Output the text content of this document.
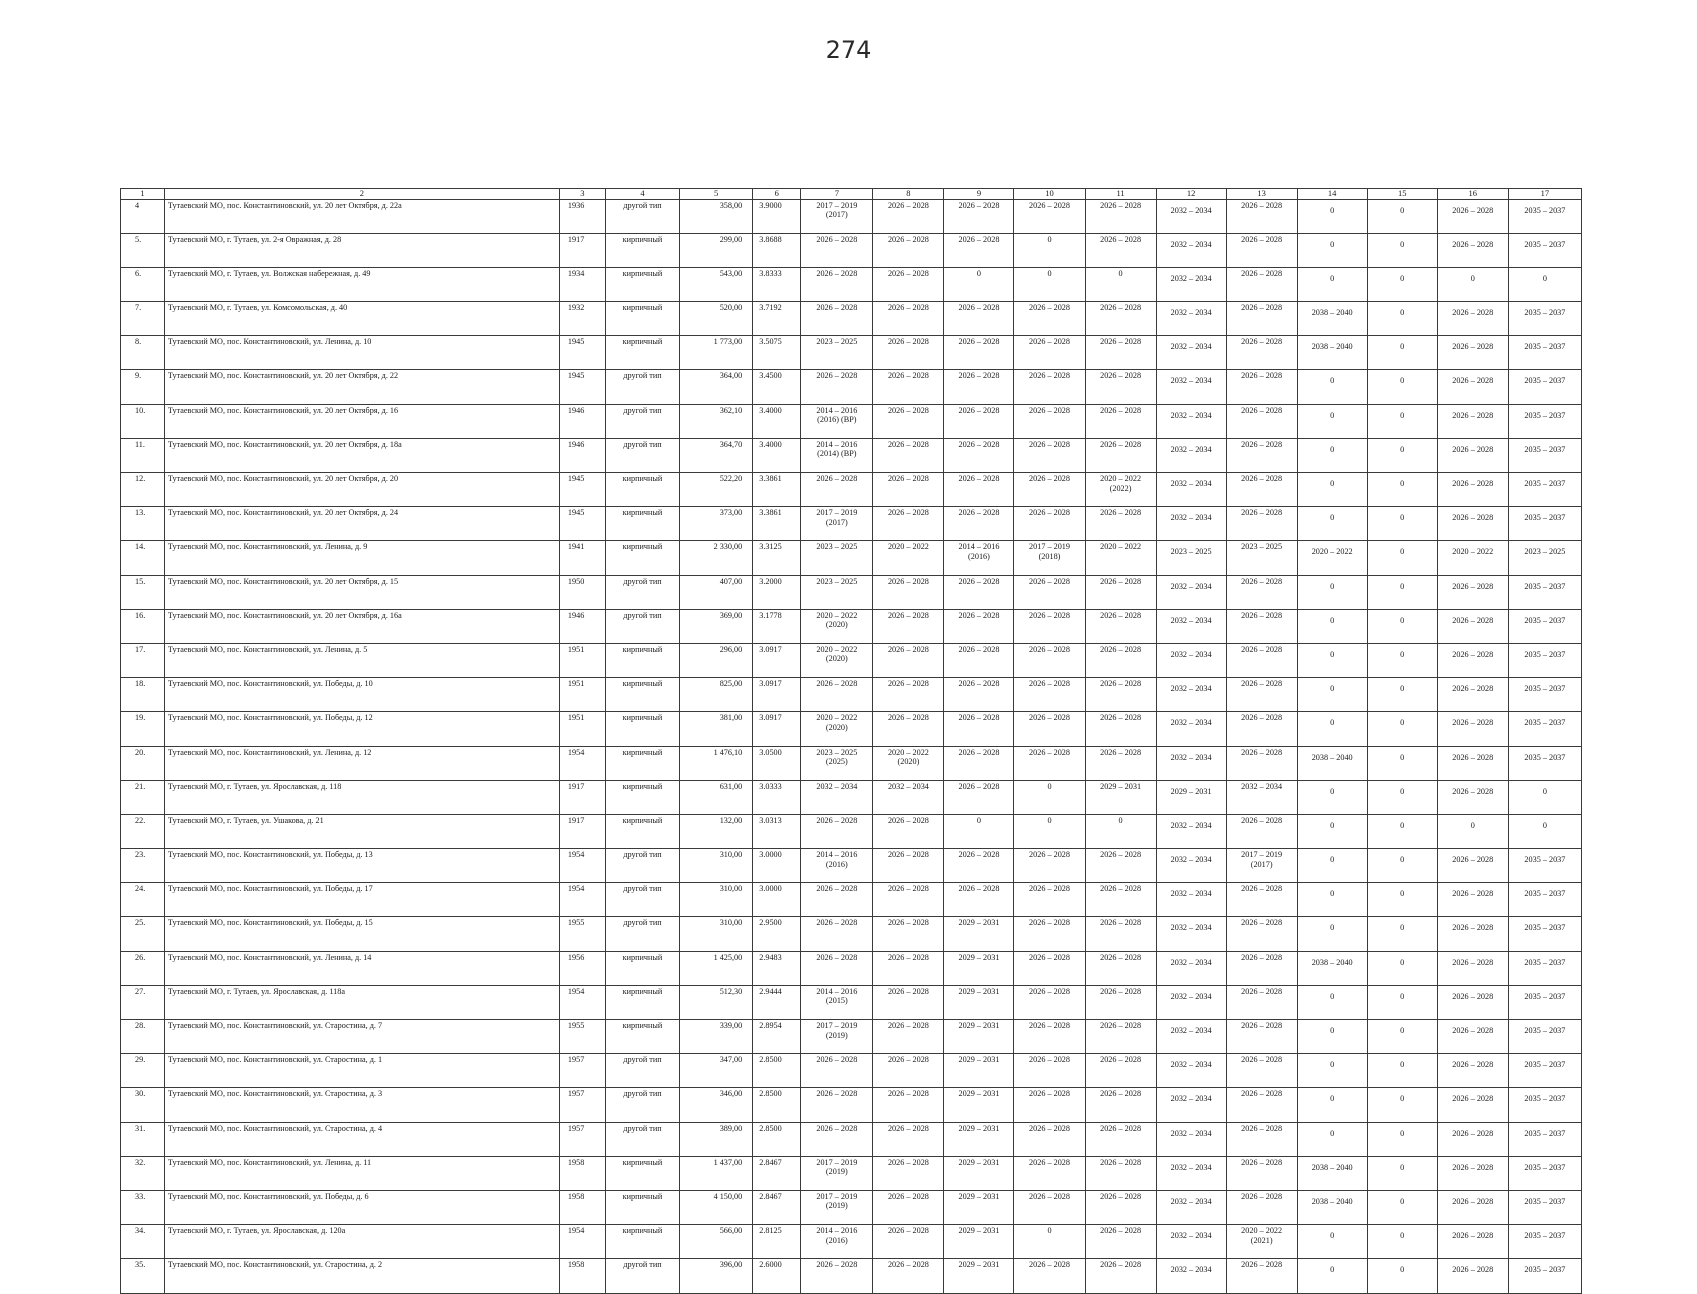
274
1	2	3	4	5	6	7	8	9	10	11	12	13	14	15	16	17

4	Тутаевский МО, пос. Константиновский, ул. 20 лет Октября, д. 22а	1936	другой тип	358,00	3.9000	2017 – 2019
(2017)	2026 – 2028	2026 – 2028	2026 – 2028	2026 – 2028	2032 – 2034	2026 – 2028	0	0	2026 – 2028	2035 – 2037

5.	Тутаевский МО, г. Тутаев, ул. 2-я Овражная, д. 28	1917	кирпичный	299,00	3.8688	2026 – 2028	2026 – 2028	2026 – 2028	0	2026 – 2028	2032 – 2034	2026 – 2028	0	0	2026 – 2028	2035 – 2037

6.	Тутаевский МО, г. Тутаев, ул. Волжская набережная, д. 49	1934	кирпичный	543,00	3.8333	2026 – 2028	2026 – 2028	0	0	0	2032 – 2034	2026 – 2028	0	0	0	0

7.	Тутаевский МО, г. Тутаев, ул. Комсомольская, д. 40	1932	кирпичный	520,00	3.7192	2026 – 2028	2026 – 2028	2026 – 2028	2026 – 2028	2026 – 2028	2032 – 2034	2026 – 2028	2038 – 2040	0	2026 – 2028	2035 – 2037

8.	Тутаевский МО, пос. Константиновский, ул. Ленина, д. 10	1945	кирпичный	1 773,00	3.5075	2023 – 2025	2026 – 2028	2026 – 2028	2026 – 2028	2026 – 2028	2032 – 2034	2026 – 2028	2038 – 2040	0	2026 – 2028	2035 – 2037

9.	Тутаевский МО, пос. Константиновский, ул. 20 лет Октября, д. 22	1945	другой тип	364,00	3.4500	2026 – 2028	2026 – 2028	2026 – 2028	2026 – 2028	2026 – 2028	2032 – 2034	2026 – 2028	0	0	2026 – 2028	2035 – 2037

10.	Тутаевский МО, пос. Константиновский, ул. 20 лет Октября, д. 16	1946	другой тип	362,10	3.4000	2014 – 2016
(2016) (ВР)	2026 – 2028	2026 – 2028	2026 – 2028	2026 – 2028	2032 – 2034	2026 – 2028	0	0	2026 – 2028	2035 – 2037

11.	Тутаевский МО, пос. Константиновский, ул. 20 лет Октября, д. 18а	1946	другой тип	364,70	3.4000	2014 – 2016
(2014) (ВР)	2026 – 2028	2026 – 2028	2026 – 2028	2026 – 2028	2032 – 2034	2026 – 2028	0	0	2026 – 2028	2035 – 2037

12.	Тутаевский МО, пос. Константиновский, ул. 20 лет Октября, д. 20	1945	кирпичный	522,20	3.3861	2026 – 2028	2026 – 2028	2026 – 2028	2026 – 2028	2020 – 2022
(2022)	2032 – 2034	2026 – 2028	0	0	2026 – 2028	2035 – 2037

13.	Тутаевский МО, пос. Константиновский, ул. 20 лет Октября, д. 24	1945	кирпичный	373,00	3.3861	2017 – 2019
(2017)	2026 – 2028	2026 – 2028	2026 – 2028	2026 – 2028	2032 – 2034	2026 – 2028	0	0	2026 – 2028	2035 – 2037

14.	Тутаевский МО, пос. Константиновский, ул. Ленина, д. 9	1941	кирпичный	2 330,00	3.3125	2023 – 2025	2020 – 2022	2014 – 2016
(2016)	2017 – 2019
(2018)	2020 – 2022	2023 – 2025	2023 – 2025	2020 – 2022	0	2020 – 2022	2023 – 2025

15.	Тутаевский МО, пос. Константиновский, ул. 20 лет Октября, д. 15	1950	другой тип	407,00	3.2000	2023 – 2025	2026 – 2028	2026 – 2028	2026 – 2028	2026 – 2028	2032 – 2034	2026 – 2028	0	0	2026 – 2028	2035 – 2037

16.	Тутаевский МО, пос. Константиновский, ул. 20 лет Октября, д. 16а	1946	другой тип	369,00	3.1778	2020 – 2022
(2020)	2026 – 2028	2026 – 2028	2026 – 2028	2026 – 2028	2032 – 2034	2026 – 2028	0	0	2026 – 2028	2035 – 2037

17.	Тутаевский МО, пос. Константиновский, ул. Ленина, д. 5	1951	кирпичный	296,00	3.0917	2020 – 2022
(2020)	2026 – 2028	2026 – 2028	2026 – 2028	2026 – 2028	2032 – 2034	2026 – 2028	0	0	2026 – 2028	2035 – 2037

18.	Тутаевский МО, пос. Константиновский, ул. Победы, д. 10	1951	кирпичный	825,00	3.0917	2026 – 2028	2026 – 2028	2026 – 2028	2026 – 2028	2026 – 2028	2032 – 2034	2026 – 2028	0	0	2026 – 2028	2035 – 2037

19.	Тутаевский МО, пос. Константиновский, ул. Победы, д. 12	1951	кирпичный	381,00	3.0917	2020 – 2022
(2020)	2026 – 2028	2026 – 2028	2026 – 2028	2026 – 2028	2032 – 2034	2026 – 2028	0	0	2026 – 2028	2035 – 2037

20.	Тутаевский МО, пос. Константиновский, ул. Ленина, д. 12	1954	кирпичный	1 476,10	3.0500	2023 – 2025
(2025)	2020 – 2022
(2020)	2026 – 2028	2026 – 2028	2026 – 2028	2032 – 2034	2026 – 2028	2038 – 2040	0	2026 – 2028	2035 – 2037

21.	Тутаевский МО, г. Тутаев, ул. Ярославская, д. 118	1917	кирпичный	631,00	3.0333	2032 – 2034	2032 – 2034	2026 – 2028	0	2029 – 2031	2029 – 2031	2032 – 2034	0	0	2026 – 2028	0

22.	Тутаевский МО, г. Тутаев, ул. Ушакова, д. 21	1917	кирпичный	132,00	3.0313	2026 – 2028	2026 – 2028	0	0	0	2032 – 2034	2026 – 2028	0	0	0	0

23.	Тутаевский МО, пос. Константиновский, ул. Победы, д. 13	1954	другой тип	310,00	3.0000	2014 – 2016
(2016)	2026 – 2028	2026 – 2028	2026 – 2028	2026 – 2028	2032 – 2034	2017 – 2019
(2017)	0	0	2026 – 2028	2035 – 2037

24.	Тутаевский МО, пос. Константиновский, ул. Победы, д. 17	1954	другой тип	310,00	3.0000	2026 – 2028	2026 – 2028	2026 – 2028	2026 – 2028	2026 – 2028	2032 – 2034	2026 – 2028	0	0	2026 – 2028	2035 – 2037

25.	Тутаевский МО, пос. Константиновский, ул. Победы, д. 15	1955	другой тип	310,00	2.9500	2026 – 2028	2026 – 2028	2029 – 2031	2026 – 2028	2026 – 2028	2032 – 2034	2026 – 2028	0	0	2026 – 2028	2035 – 2037

26.	Тутаевский МО, пос. Константиновский, ул. Ленина, д. 14	1956	кирпичный	1 425,00	2.9483	2026 – 2028	2026 – 2028	2029 – 2031	2026 – 2028	2026 – 2028	2032 – 2034	2026 – 2028	2038 – 2040	0	2026 – 2028	2035 – 2037

27.	Тутаевский МО, г. Тутаев, ул. Ярославская, д. 118а	1954	кирпичный	512,30	2.9444	2014 – 2016
(2015)	2026 – 2028	2029 – 2031	2026 – 2028	2026 – 2028	2032 – 2034	2026 – 2028	0	0	2026 – 2028	2035 – 2037

28.	Тутаевский МО, пос. Константиновский, ул. Старостина, д. 7	1955	кирпичный	339,00	2.8954	2017 – 2019
(2019)	2026 – 2028	2029 – 2031	2026 – 2028	2026 – 2028	2032 – 2034	2026 – 2028	0	0	2026 – 2028	2035 – 2037

29.	Тутаевский МО, пос. Константиновский, ул. Старостина, д. 1	1957	другой тип	347,00	2.8500	2026 – 2028	2026 – 2028	2029 – 2031	2026 – 2028	2026 – 2028	2032 – 2034	2026 – 2028	0	0	2026 – 2028	2035 – 2037

30.	Тутаевский МО, пос. Константиновский, ул. Старостина, д. 3	1957	другой тип	346,00	2.8500	2026 – 2028	2026 – 2028	2029 – 2031	2026 – 2028	2026 – 2028	2032 – 2034	2026 – 2028	0	0	2026 – 2028	2035 – 2037

31.	Тутаевский МО, пос. Константиновский, ул. Старостина, д. 4	1957	другой тип	389,00	2.8500	2026 – 2028	2026 – 2028	2029 – 2031	2026 – 2028	2026 – 2028	2032 – 2034	2026 – 2028	0	0	2026 – 2028	2035 – 2037

32.	Тутаевский МО, пос. Константиновский, ул. Ленина, д. 11	1958	кирпичный	1 437,00	2.8467	2017 – 2019
(2019)	2026 – 2028	2029 – 2031	2026 – 2028	2026 – 2028	2032 – 2034	2026 – 2028	2038 – 2040	0	2026 – 2028	2035 – 2037

33.	Тутаевский МО, пос. Константиновский, ул. Победы, д. 6	1958	кирпичный	4 150,00	2.8467	2017 – 2019
(2019)	2026 – 2028	2029 – 2031	2026 – 2028	2026 – 2028	2032 – 2034	2026 – 2028	2038 – 2040	0	2026 – 2028	2035 – 2037

34.	Тутаевский МО, г. Тутаев, ул. Ярославская, д. 120а	1954	кирпичный	566,00	2.8125	2014 – 2016
(2016)	2026 – 2028	2029 – 2031	0	2026 – 2028	2032 – 2034	2020 – 2022
(2021)	0	0	2026 – 2028	2035 – 2037

35.	Тутаевский МО, пос. Константиновский, ул. Старостина, д. 2	1958	другой тип	396,00	2.6000	2026 – 2028	2026 – 2028	2029 – 2031	2026 – 2028	2026 – 2028	2032 – 2034	2026 – 2028	0	0	2026 – 2028	2035 – 2037
